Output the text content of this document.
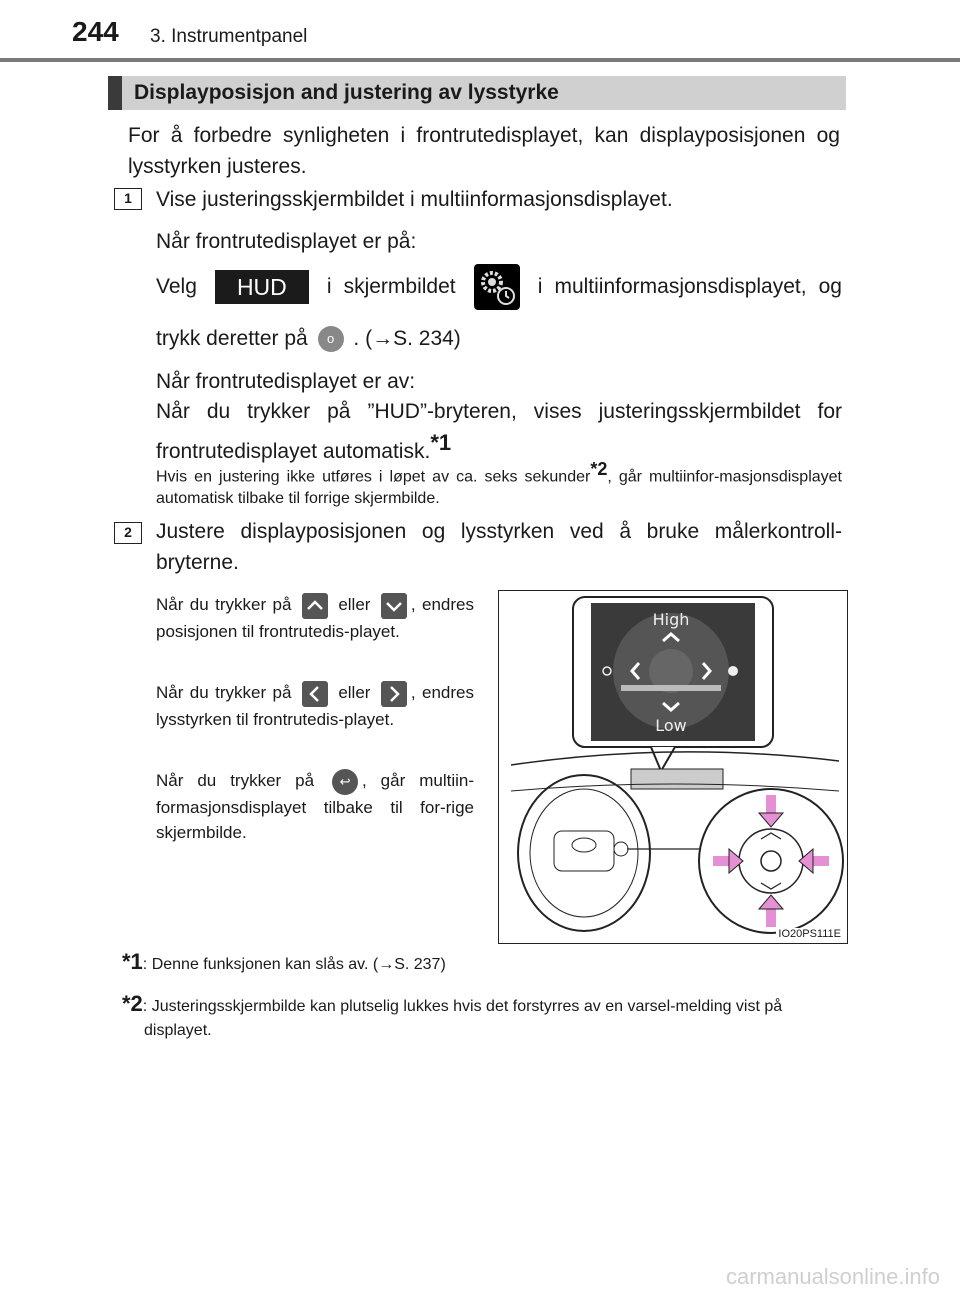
244 3. Instrumentpanel
Displayposisjon and justering av lysstyrke

For å forbedre synligheten i frontrutedisplayet, kan displayposisjonen og lysstyrken justeres.

1	Vise justeringsskjermbildet i multiinformasjonsdisplayet.

Når frontrutedisplayet er på:

Velg HUD i skjermbildet	i multiinformasjonsdisplayet, og

trykk deretter på o . (→S. 234)

Når frontrutedisplayet er av:

Når du trykker på ”HUD”-bryteren, vises justeringsskjermbildet for frontrutedisplayet automatisk.$^{*1}$

Hvis en justering ikke utføres i løpet av ca. seks sekunder$^{*2}$, går multiinfor-masjonsdisplayet automatisk tilbake til forrige skjermbilde.

2	Justere displayposisjonen og lysstyrken ved å bruke målerkontroll-bryterne.

Når du trykker på	eller , endres posisjonen til frontrutedis-playet.

Når du trykker på	eller , endres lysstyrken til frontrutedis-playet.

Når du trykker på ↩ , går multiin-formasjonsdisplayet tilbake til for-rige skjermbilde.

High
Low
IO20PS111E

*1: Denne funksjonen kan slås av. (→S. 237)

*2: Justeringsskjermbilde kan plutselig lukkes hvis det forstyrres av en varsel-melding vist på displayet.

carmanualsonline.info
